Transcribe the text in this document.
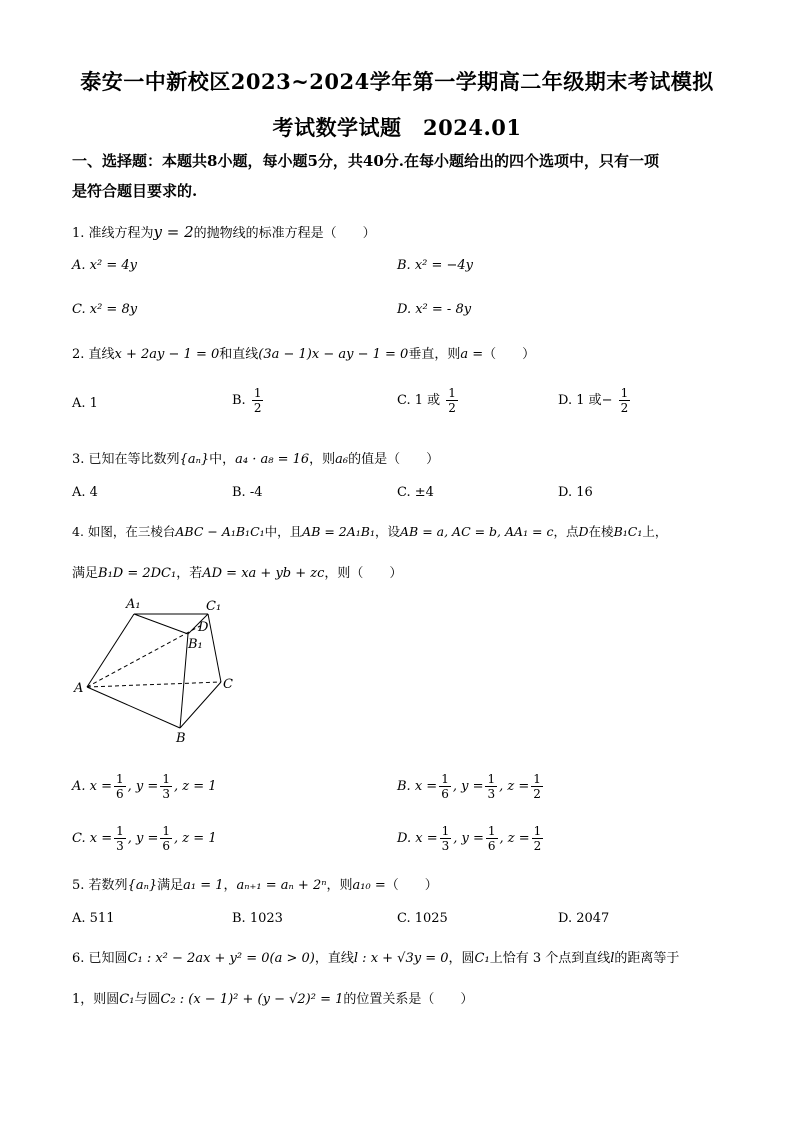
泰安一中新校区2023~2024学年第一学期高二年级期末考试模拟
考试数学试题　2024.01
一、选择题：本题共8小题，每小题5分，共40分.在每小题给出的四个选项中，只有一项
是符合题目要求的.
1. 准线方程为y = 2的抛物线的标准方程是（　　）
A. x² = 4y	B. x² = −4y
C. x² = 8y	D. x² = - 8y
2. 直线x + 2ay − 1 = 0和直线(3a − 1)x − ay − 1 = 0垂直，则a =（　　）
A. 1	B. $\frac{1}{2}$	C. 1 或 $\frac{1}{2}$	D. 1 或− $\frac{1}{2}$
3. 已知在等比数列{aₙ}中，a₄ · a₈ = 16，则a₆的值是（　　）
A. 4	B. -4	C. ±4	D. 16
4. 如图，在三棱台ABC − A₁B₁C₁中，且AB = 2A₁B₁，设AB = a, AC = b, AA₁ = c，点D在棱B₁C₁上，
满足B₁D = 2DC₁，若AD = xa + yb + zc，则（　　）
A₁	C₁
D
B₁
A	C
B
A. $x = \frac{1}{6}$ , $y = \frac{1}{3}$ , z = 1	B. $x = \frac{1}{6}$ , $y = \frac{1}{3}$ , $z = \frac{1}{2}$
C. $x = \frac{1}{3}$ , $y = \frac{1}{6}$ , z = 1	D. $x = \frac{1}{3}$ , $y = \frac{1}{6}$ , $z = \frac{1}{2}$
5. 若数列{aₙ}满足a₁ = 1，aₙ₊₁ = aₙ + 2ⁿ，则a₁₀ =（　　）
A. 511	B. 1023	C. 1025	D. 2047
6. 已知圆C₁ : x² − 2ax + y² = 0(a > 0)，直线l : x + √3y = 0，圆C₁上恰有 3 个点到直线l的距离等于
1，则圆C₁与圆C₂ : (x − 1)² + (y − √2)² = 1的位置关系是（　　）
